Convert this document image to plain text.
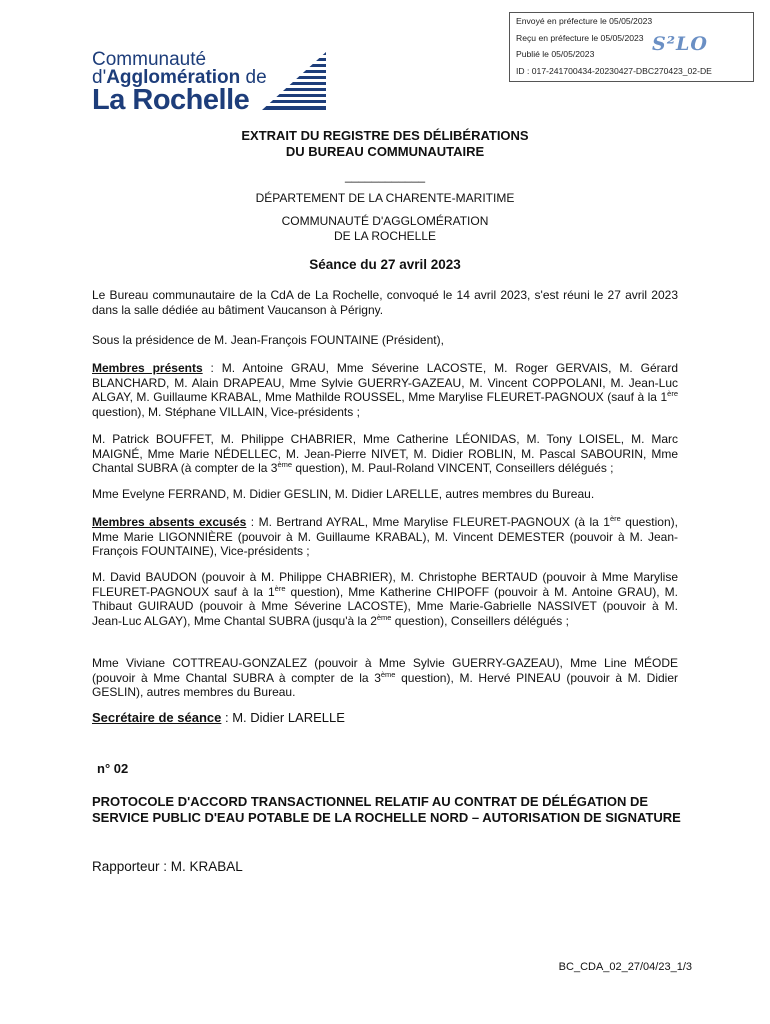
Envoyé en préfecture le 05/05/2023
Reçu en préfecture le 05/05/2023
Publié le 05/05/2023
ID : 017-241700434-20230427-DBC270423_02-DE
S²LO
Communauté
d'Agglomération de
La Rochelle
EXTRAIT DU REGISTRE DES DÉLIBÉRATIONS
DU BUREAU COMMUNAUTAIRE
____________
DÉPARTEMENT DE LA CHARENTE-MARITIME
COMMUNAUTÉ D'AGGLOMÉRATION
DE LA ROCHELLE
Séance du 27 avril 2023
Le Bureau communautaire de la CdA de La Rochelle, convoqué le 14 avril 2023, s'est réuni le 27 avril 2023 dans la salle dédiée au bâtiment Vaucanson à Périgny.
Sous la présidence de M. Jean-François FOUNTAINE (Président),
Membres présents : M. Antoine GRAU, Mme Séverine LACOSTE, M. Roger GERVAIS, M. Gérard BLANCHARD, M. Alain DRAPEAU, Mme Sylvie GUERRY-GAZEAU, M. Vincent COPPOLANI, M. Jean-Luc ALGAY, M. Guillaume KRABAL, Mme Mathilde ROUSSEL, Mme Marylise FLEURET-PAGNOUX (sauf à la 1ère question), M. Stéphane VILLAIN, Vice-présidents ;
M. Patrick BOUFFET, M. Philippe CHABRIER, Mme Catherine LÉONIDAS, M. Tony LOISEL, M. Marc MAIGNÉ, Mme Marie NÉDELLEC, M. Jean-Pierre NIVET, M. Didier ROBLIN, M. Pascal SABOURIN, Mme Chantal SUBRA (à compter de la 3ème question), M. Paul-Roland VINCENT, Conseillers délégués ;
Mme Evelyne FERRAND, M. Didier GESLIN, M. Didier LARELLE, autres membres du Bureau.
Membres absents excusés : M. Bertrand AYRAL, Mme Marylise FLEURET-PAGNOUX (à la 1ère question), Mme Marie LIGONNIÈRE (pouvoir à M. Guillaume KRABAL), M. Vincent DEMESTER (pouvoir à M. Jean-François FOUNTAINE), Vice-présidents ;
M. David BAUDON (pouvoir à M. Philippe CHABRIER), M. Christophe BERTAUD (pouvoir à Mme Marylise FLEURET-PAGNOUX sauf à la 1ère question), Mme Katherine CHIPOFF (pouvoir à M. Antoine GRAU), M. Thibaut GUIRAUD (pouvoir à Mme Séverine LACOSTE), Mme Marie-Gabrielle NASSIVET (pouvoir à M. Jean-Luc ALGAY), Mme Chantal SUBRA (jusqu'à la 2ème question), Conseillers délégués ;
Mme Viviane COTTREAU-GONZALEZ (pouvoir à Mme Sylvie GUERRY-GAZEAU), Mme Line MÉODE (pouvoir à Mme Chantal SUBRA à compter de la 3ème question), M. Hervé PINEAU (pouvoir à M. Didier GESLIN), autres membres du Bureau.
Secrétaire de séance : M. Didier LARELLE
n° 02
PROTOCOLE D'ACCORD TRANSACTIONNEL RELATIF AU CONTRAT DE DÉLÉGATION DE SERVICE PUBLIC D'EAU POTABLE DE LA ROCHELLE NORD – AUTORISATION DE SIGNATURE
Rapporteur : M. KRABAL
BC_CDA_02_27/04/23_1/3
